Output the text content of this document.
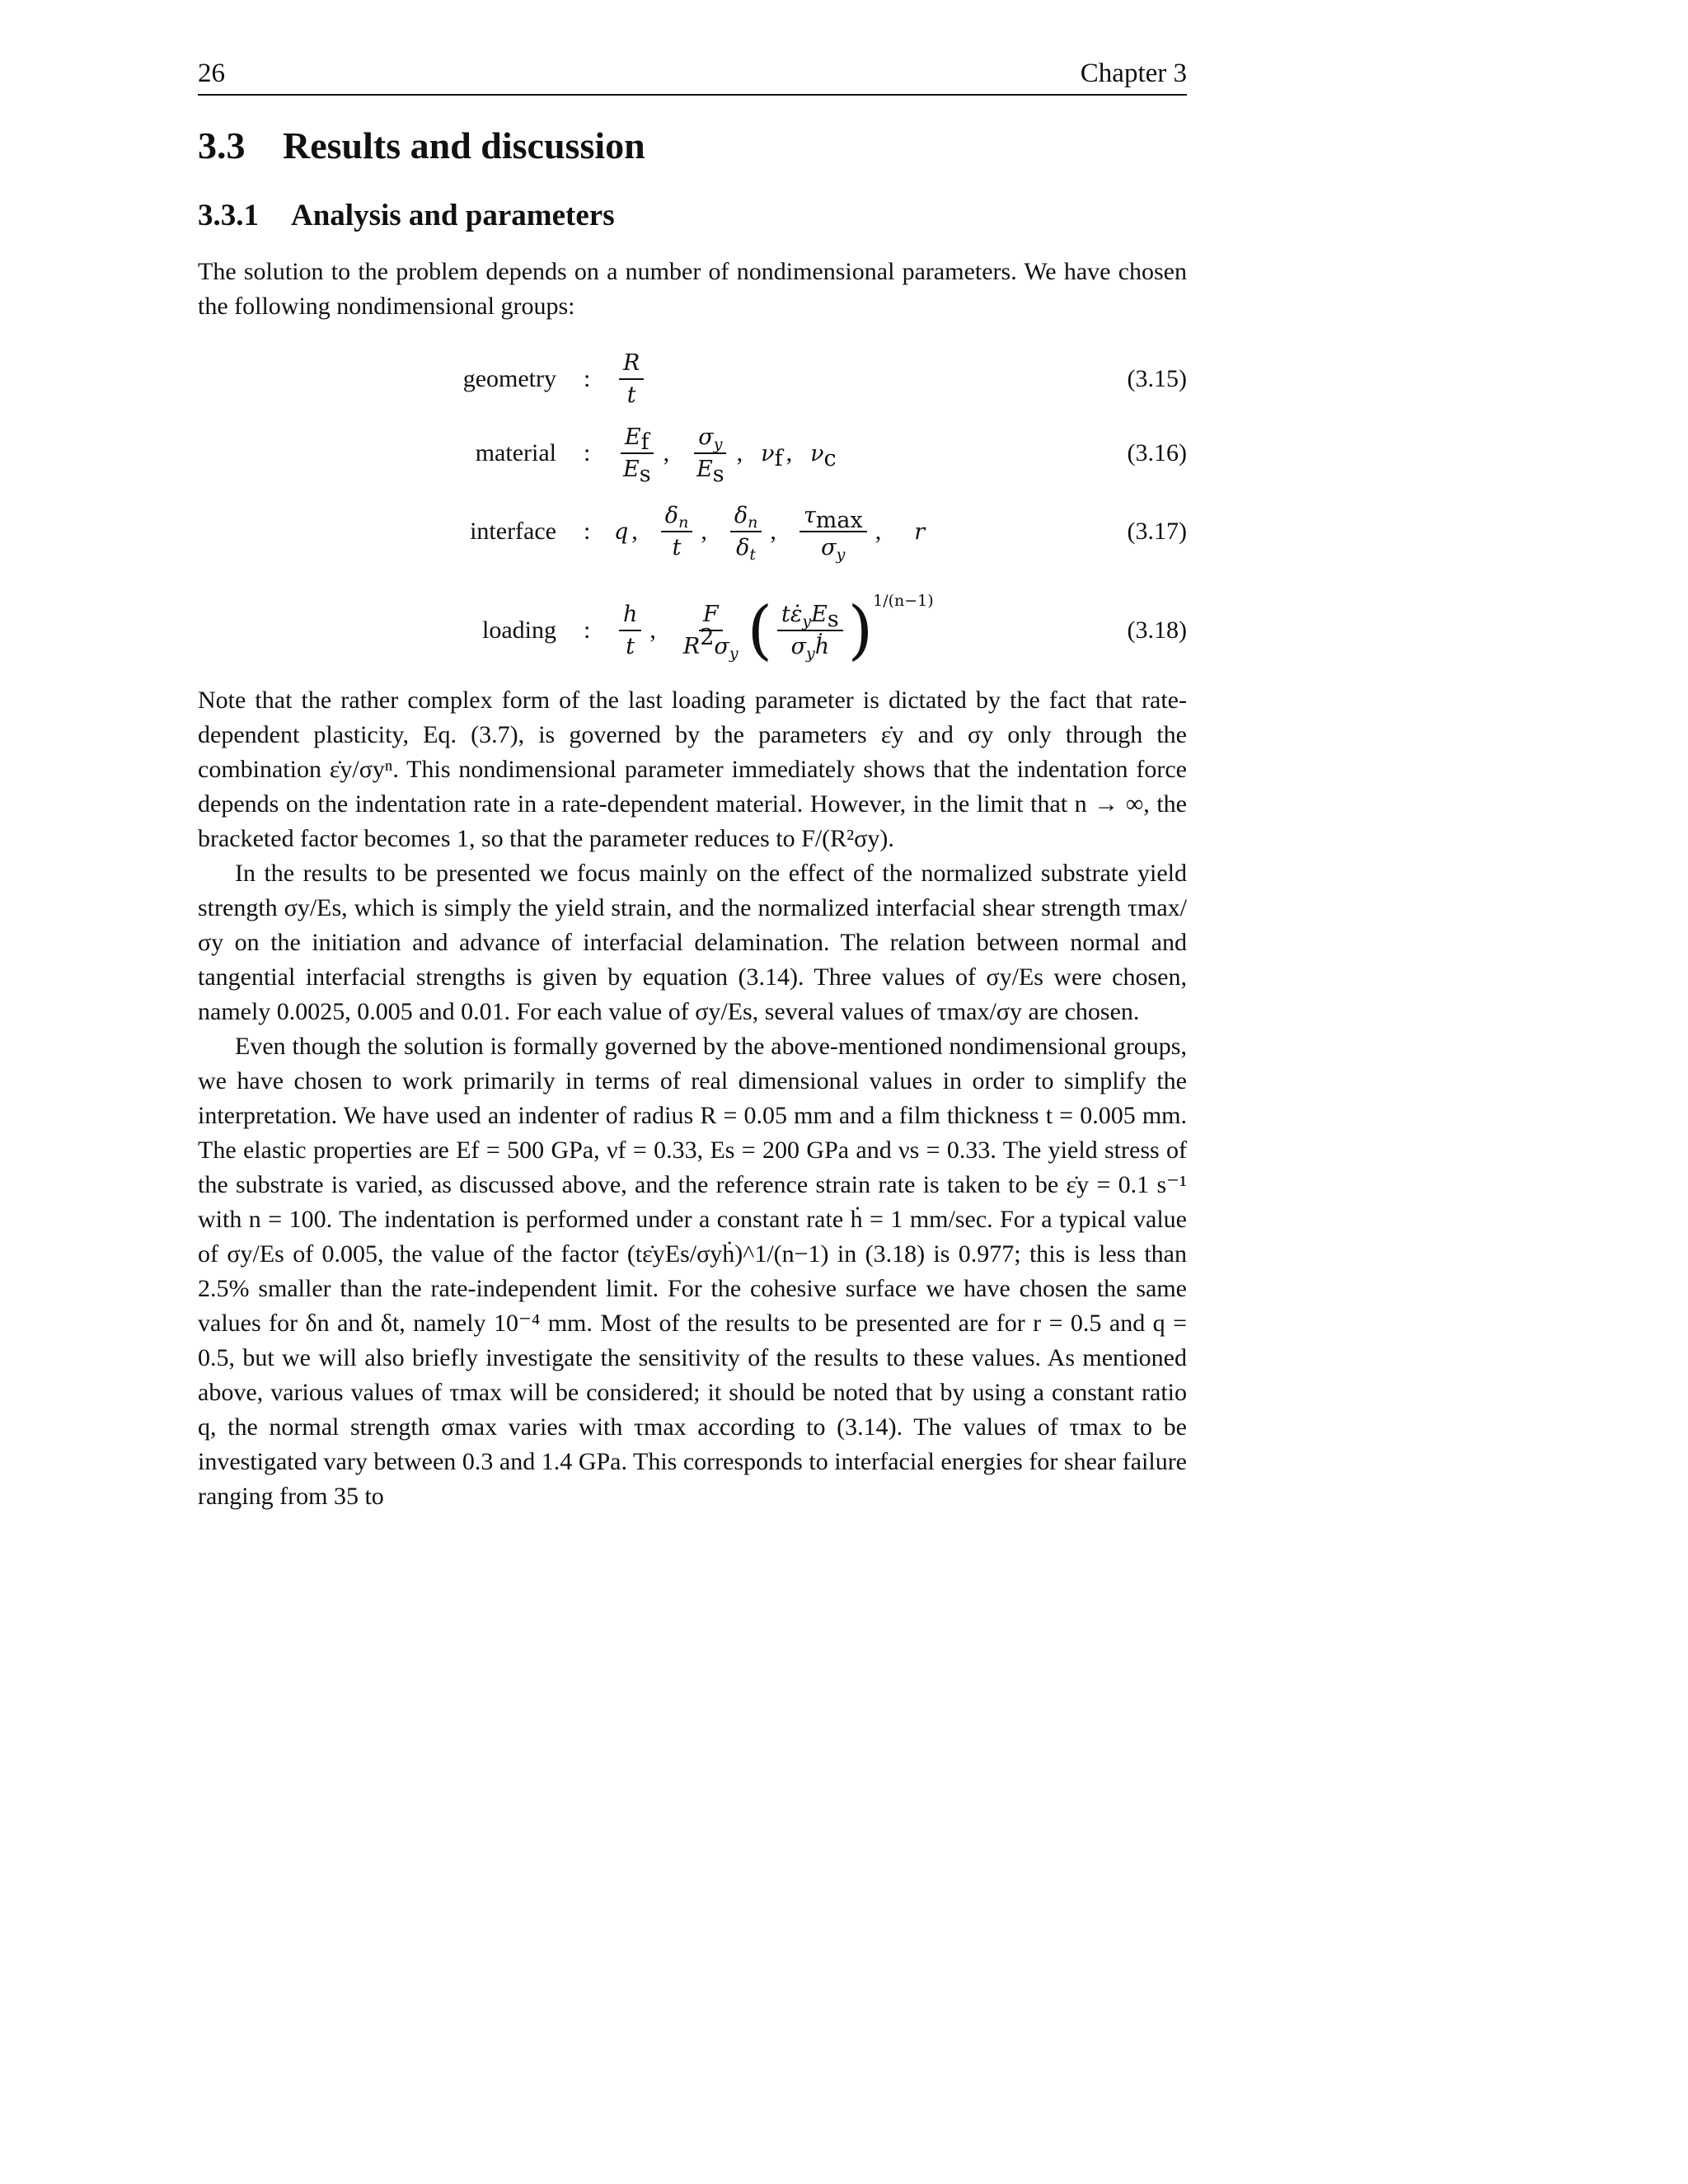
26	Chapter 3
3.3 Results and discussion
3.3.1 Analysis and parameters

The solution to the problem depends on a number of nondimensional parameters. We have chosen the following nondimensional groups:

geometry : $\frac{R}{t}$	(3.15)
material : $\frac{E_f}{E_s}$ , $\frac{\sigma_y}{E_s}$ , $\nu_f$ , $\nu_c$	(3.16)
interface : q , $\frac{\delta_n}{t}$ , $\frac{\delta_n}{\delta_t}$ , $\frac{\tau_{max}}{\sigma_y}$ , r	(3.17)
loading : $\frac{h}{t}$ , $\frac{F}{R^2\sigma_y}$ ( $\frac{t\varepsiloṅ_yE_s}{\sigma_yḣ}$ ) 1/(n−1)
(3.18)

Note that the rather complex form of the last loading parameter is dictated by the fact that rate-dependent plasticity, Eq. (3.7), is governed by the parameters ε̇y and σy only through the combination ε̇y/σyⁿ. This nondimensional parameter immediately shows that the indentation force depends on the indentation rate in a rate-dependent material. However, in the limit that n → ∞, the bracketed factor becomes 1, so that the parameter reduces to F/(R²σy).

In the results to be presented we focus mainly on the effect of the normalized substrate yield strength σy/Es, which is simply the yield strain, and the normalized interfacial shear strength τmax/σy on the initiation and advance of interfacial delamination. The relation between normal and tangential interfacial strengths is given by equation (3.14). Three values of σy/Es were chosen, namely 0.0025, 0.005 and 0.01. For each value of σy/Es, several values of τmax/σy are chosen.

Even though the solution is formally governed by the above-mentioned nondimensional groups, we have chosen to work primarily in terms of real dimensional values in order to simplify the interpretation. We have used an indenter of radius R = 0.05 mm and a film thickness t = 0.005 mm. The elastic properties are Ef = 500 GPa, νf = 0.33, Es = 200 GPa and νs = 0.33. The yield stress of the substrate is varied, as discussed above, and the reference strain rate is taken to be ε̇y = 0.1 s⁻¹ with n = 100. The indentation is performed under a constant rate ḣ = 1 mm/sec. For a typical value of σy/Es of 0.005, the value of the factor (tε̇yEs/σyḣ)^1/(n−1) in (3.18) is 0.977; this is less than 2.5% smaller than the rate-independent limit. For the cohesive surface we have chosen the same values for δn and δt, namely 10⁻⁴ mm. Most of the results to be presented are for r = 0.5 and q = 0.5, but we will also briefly investigate the sensitivity of the results to these values. As mentioned above, various values of τmax will be considered; it should be noted that by using a constant ratio q, the normal strength σmax varies with τmax according to (3.14). The values of τmax to be investigated vary between 0.3 and 1.4 GPa. This corresponds to interfacial energies for shear failure ranging from 35 to
